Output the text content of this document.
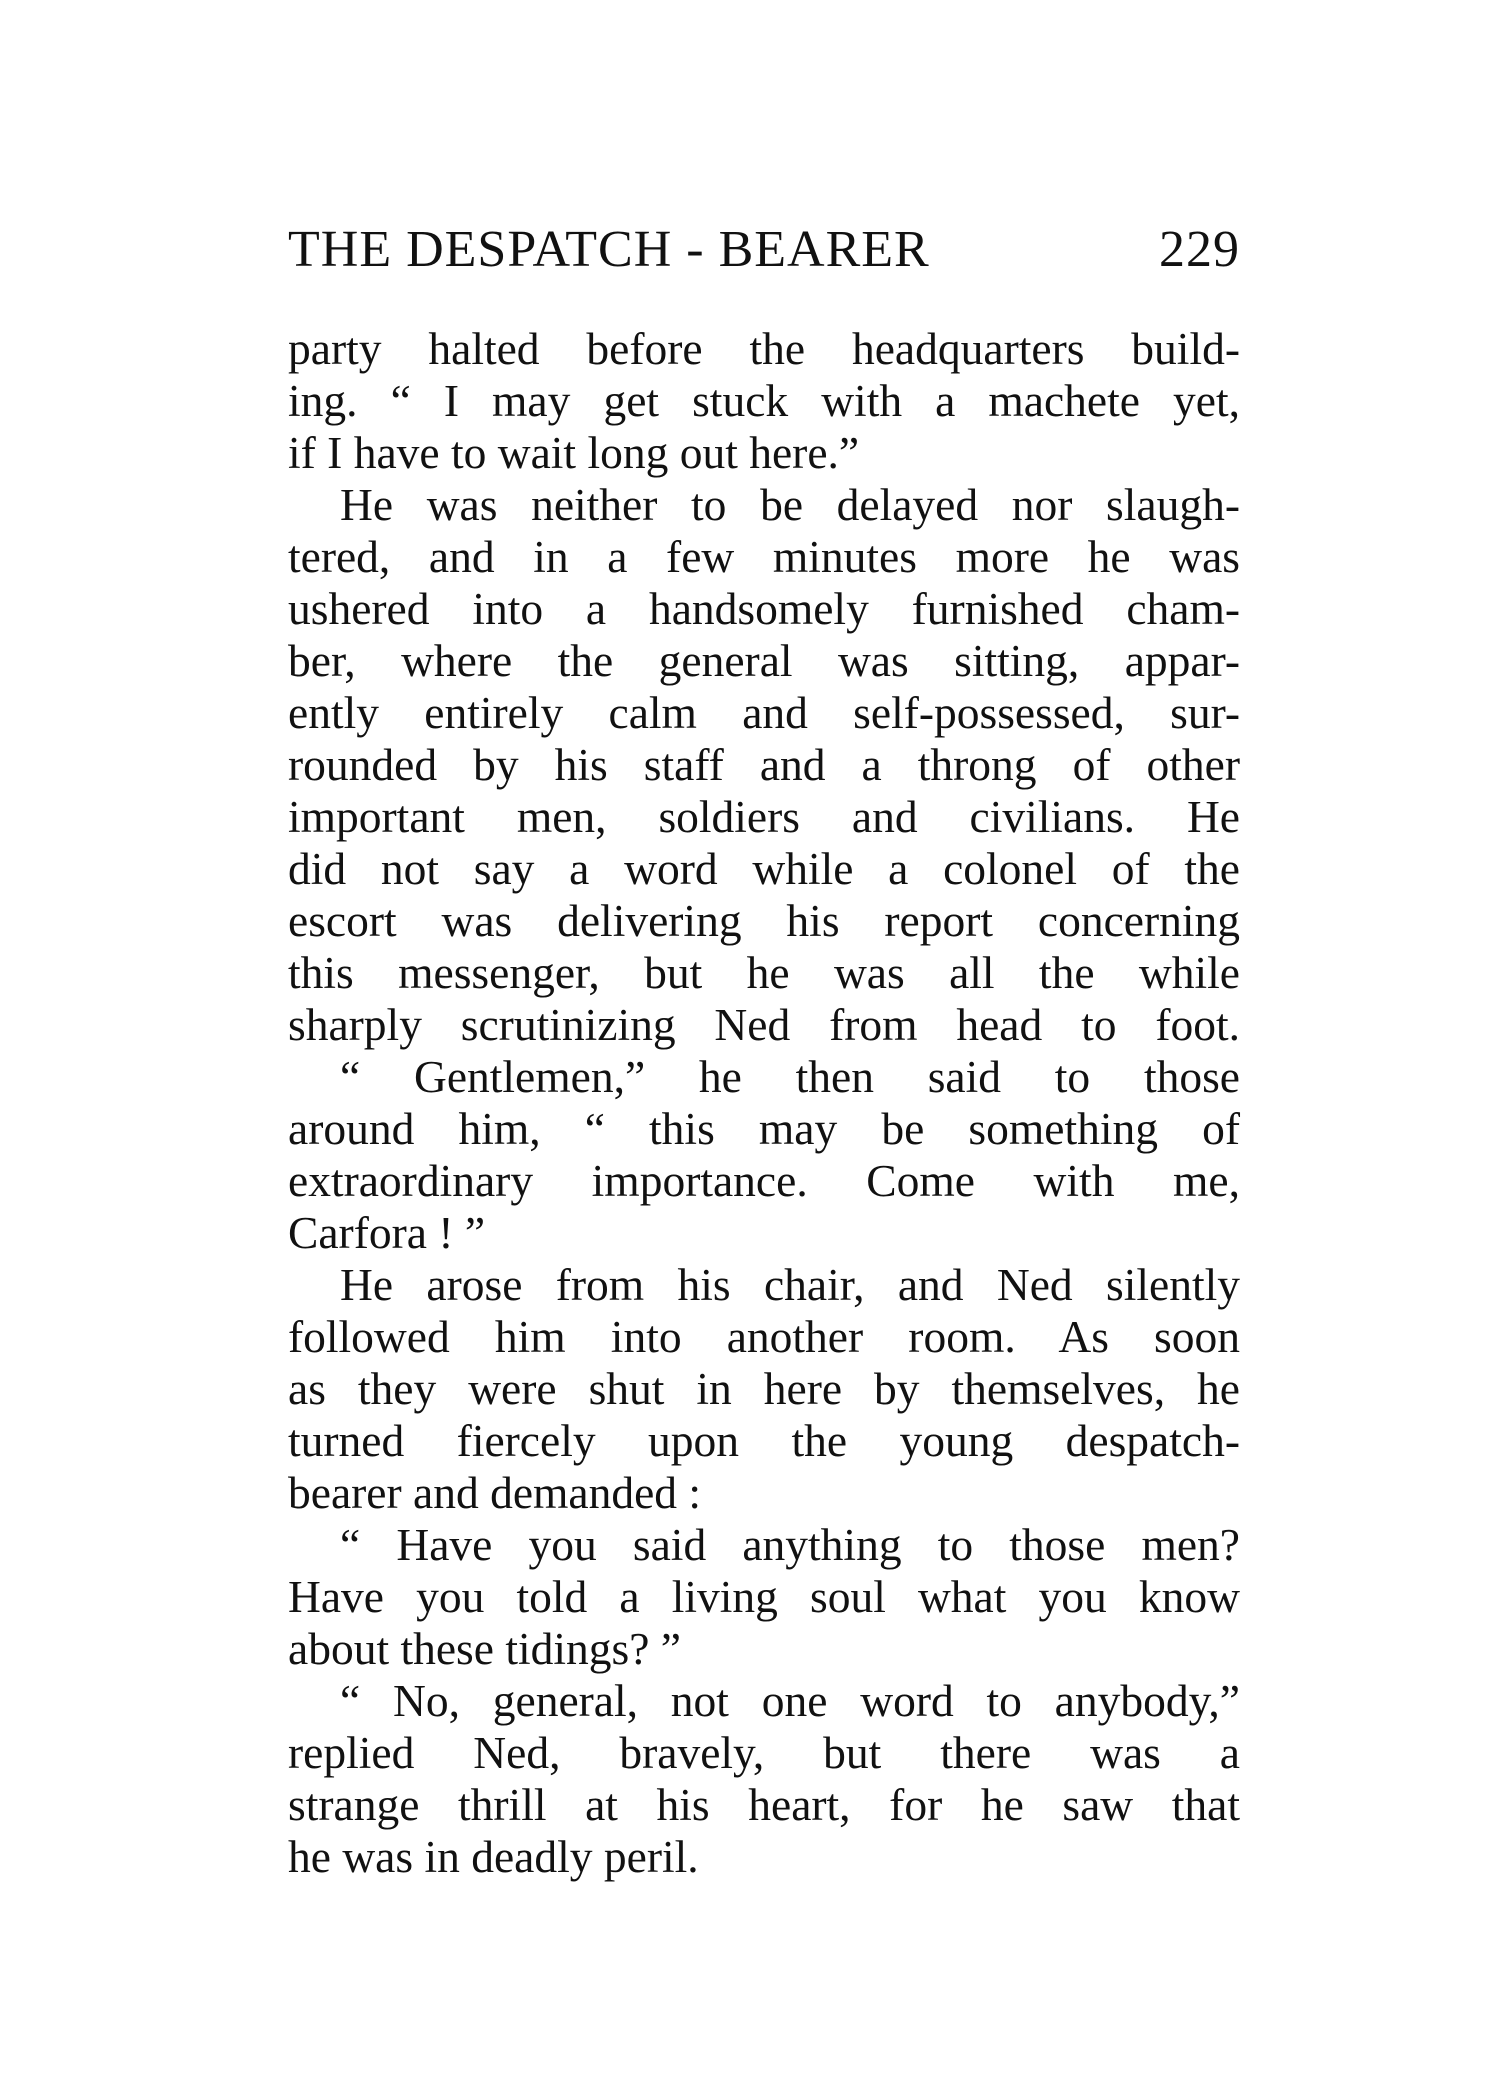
THE DESPATCH - BEARER	229
party halted before the headquarters build-
ing. “ I may get stuck with a machete yet,
if I have to wait long out here.”
He was neither to be delayed nor slaugh-
tered, and in a few minutes more he was
ushered into a handsomely furnished cham-
ber, where the general was sitting, appar-
ently entirely calm and self-possessed, sur-
rounded by his staff and a throng of other
important men, soldiers and civilians. He
did not say a word while a colonel of the
escort was delivering his report concerning
this messenger, but he was all the while
sharply scrutinizing Ned from head to foot.
“ Gentlemen,” he then said to those
around him, “ this may be something of
extraordinary importance. Come with me,
Carfora ! ”
He arose from his chair, and Ned silently
followed him into another room. As soon
as they were shut in here by themselves, he
turned fiercely upon the young despatch-
bearer and demanded :
“ Have you said anything to those men?
Have you told a living soul what you know
about these tidings? ”
“ No, general, not one word to anybody,”
replied Ned, bravely, but there was a
strange thrill at his heart, for he saw that
he was in deadly peril.
